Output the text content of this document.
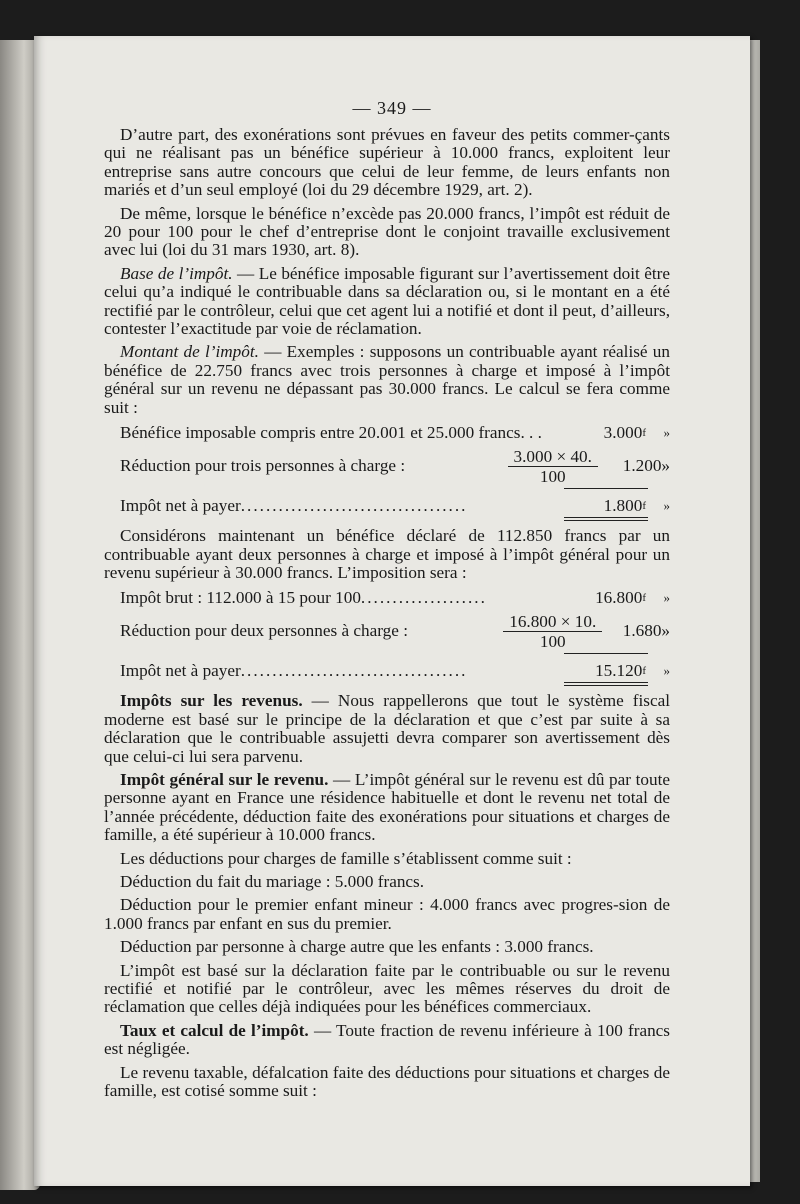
— 349 —

D’autre part, des exonérations sont prévues en faveur des petits commer-çants qui ne réalisant pas un bénéfice supérieur à 10.000 francs, exploitent leur entreprise sans autre concours que celui de leur femme, de leurs enfants non mariés et d’un seul employé (loi du 29 décembre 1929, art. 2).

De même, lorsque le bénéfice n’excède pas 20.000 francs, l’impôt est réduit de 20 pour 100 pour le chef d’entreprise dont le conjoint travaille exclusivement avec lui (loi du 31 mars 1930, art. 8).

Base de l’impôt. — Le bénéfice imposable figurant sur l’avertissement doit être celui qu’a indiqué le contribuable dans sa déclaration ou, si le montant en a été rectifié par le contrôleur, celui que cet agent lui a notifié et dont il peut, d’ailleurs, contester l’exactitude par voie de réclamation.

Montant de l’impôt. — Exemples : supposons un contribuable ayant réalisé un bénéfice de 22.750 francs avec trois personnes à charge et imposé à l’impôt général sur un revenu ne dépassant pas 30.000 francs. Le calcul se fera comme suit :

Bénéfice imposable compris entre 20.001 et 25.000 francs. . .	3.000$^f$	»
Réduction pour trois personnes à charge :	$\frac{3.000 \times 40.}{100} 1.200$ »
Impôt net à payer....................................	1.800$^f$	»

Considérons maintenant un bénéfice déclaré de 112.850 francs par un contribuable ayant deux personnes à charge et imposé à l’impôt général pour un revenu supérieur à 30.000 francs. L’imposition sera :

Impôt brut : 112.000 à 15 pour 100....................	16.800$^f$	»
Réduction pour deux personnes à charge :	$\frac{16.800 \times 10.}{100} 1.680$ »
Impôt net à payer....................................	15.120$^f$	»

Impôts sur les revenus. — Nous rappellerons que tout le système fiscal moderne est basé sur le principe de la déclaration et que c’est par suite à sa déclaration que le contribuable assujetti devra comparer son avertissement dès que celui-ci lui sera parvenu.

Impôt général sur le revenu. — L’impôt général sur le revenu est dû par toute personne ayant en France une résidence habituelle et dont le revenu net total de l’année précédente, déduction faite des exonérations pour situations et charges de famille, a été supérieur à 10.000 francs.

Les déductions pour charges de famille s’établissent comme suit :

Déduction du fait du mariage : 5.000 francs.

Déduction pour le premier enfant mineur : 4.000 francs avec progres-sion de 1.000 francs par enfant en sus du premier.

Déduction par personne à charge autre que les enfants : 3.000 francs.

L’impôt est basé sur la déclaration faite par le contribuable ou sur le revenu rectifié et notifié par le contrôleur, avec les mêmes réserves du droit de réclamation que celles déjà indiquées pour les bénéfices commerciaux.

Taux et calcul de l’impôt. — Toute fraction de revenu inférieure à 100 francs est négligée.

Le revenu taxable, défalcation faite des déductions pour situations et charges de famille, est cotisé somme suit :
